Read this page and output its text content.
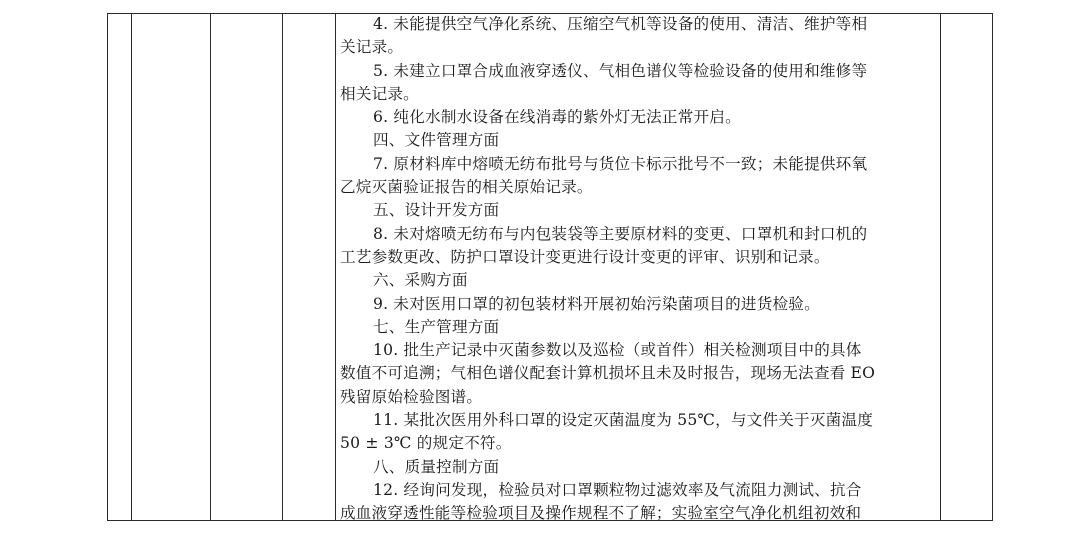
4. 未能提供空气净化系统、压缩空气机等设备的使用、清洁、维护等相
关记录。
5. 未建立口罩合成血液穿透仪、气相色谱仪等检验设备的使用和维修等
相关记录。
6. 纯化水制水设备在线消毒的紫外灯无法正常开启。
四、文件管理方面
7. 原材料库中熔喷无纺布批号与货位卡标示批号不一致；未能提供环氧
乙烷灭菌验证报告的相关原始记录。
五、设计开发方面
8. 未对熔喷无纺布与内包装袋等主要原材料的变更、口罩机和封口机的
工艺参数更改、防护口罩设计变更进行设计变更的评审、识别和记录。
六、采购方面
9. 未对医用口罩的初包装材料开展初始污染菌项目的进货检验。
七、生产管理方面
10. 批生产记录中灭菌参数以及巡检（或首件）相关检测项目中的具体
数值不可追溯；气相色谱仪配套计算机损坏且未及时报告，现场无法查看 EO
残留原始检验图谱。
11. 某批次医用外科口罩的设定灭菌温度为 55℃，与文件关于灭菌温度
50 ± 3℃ 的规定不符。
八、质量控制方面
12. 经询问发现，检验员对口罩颗粒物过滤效率及气流阻力测试、抗合
成血液穿透性能等检验项目及操作规程不了解；实验室空气净化机组初效和
